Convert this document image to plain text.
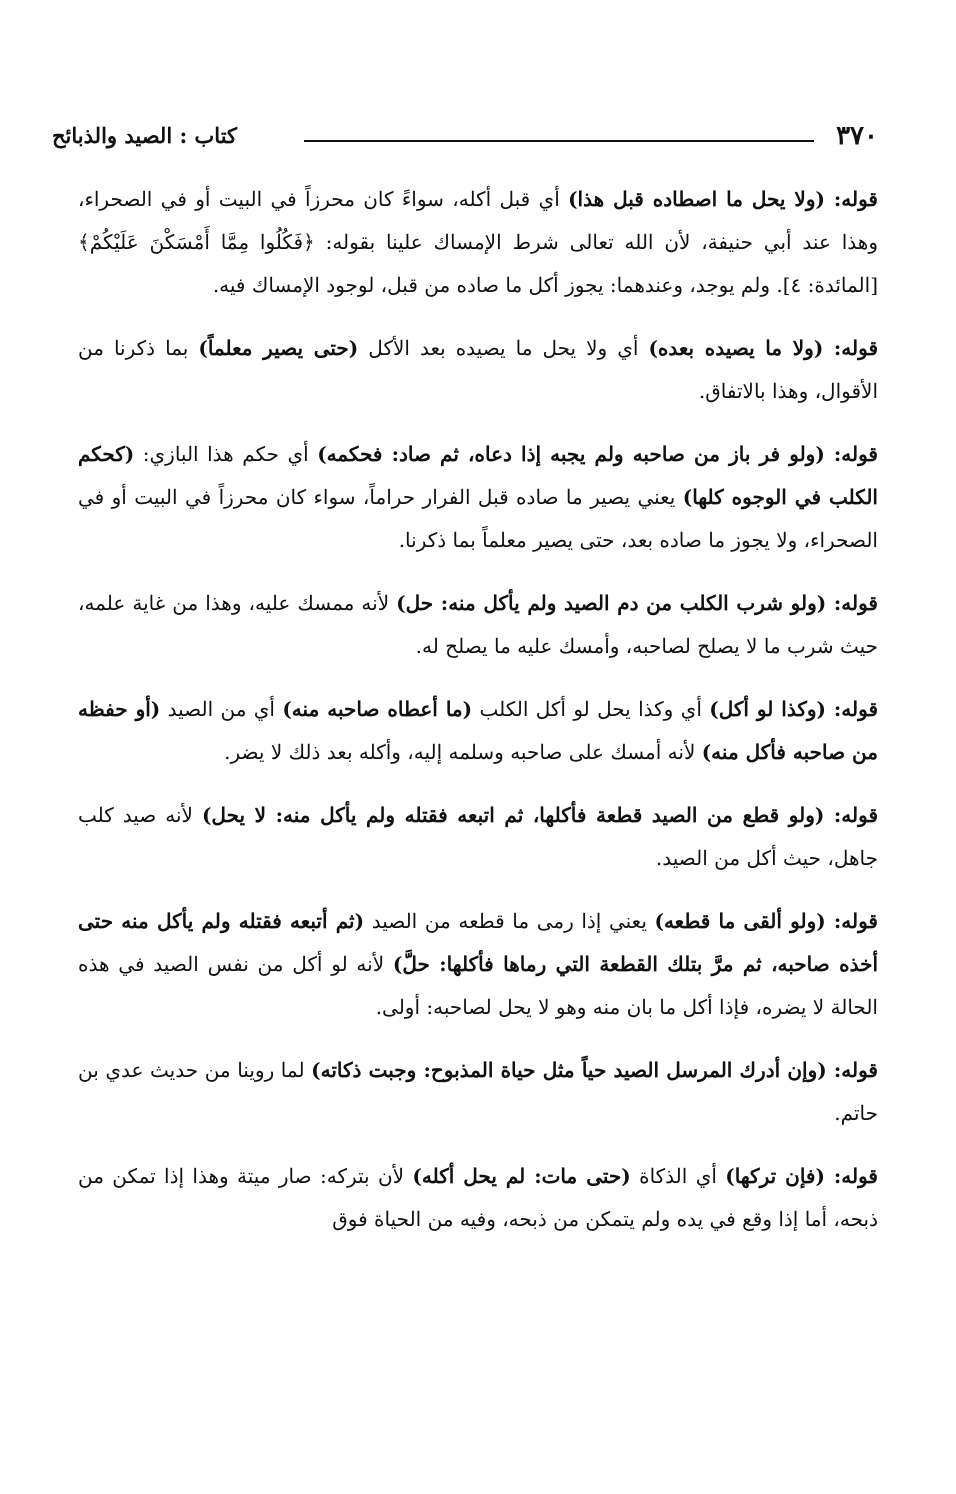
٣٧٠
كتاب : الصيد والذبائح

قوله: (ولا يحل ما اصطاده قبل هذا) أي قبل أكله، سواءً كان محرزاً في البيت أو في الصحراء، وهذا عند أبي حنيفة، لأن الله تعالى شرط الإمساك علينا بقوله: ﴿فَكُلُوا مِمَّا أَمْسَكْنَ عَلَيْكُمْ﴾ [المائدة: ٤]. ولم يوجد، وعندهما: يجوز أكل ما صاده من قبل، لوجود الإمساك فيه.

قوله: (ولا ما يصيده بعده) أي ولا يحل ما يصيده بعد الأكل (حتى يصير معلماً) بما ذكرنا من الأقوال، وهذا بالاتفاق.

قوله: (ولو فر باز من صاحبه ولم يجبه إذا دعاه، ثم صاد: فحكمه) أي حكم هذا البازي: (كحكم الكلب في الوجوه كلها) يعني يصير ما صاده قبل الفرار حراماً، سواء كان محرزاً في البيت أو في الصحراء، ولا يجوز ما صاده بعد، حتى يصير معلماً بما ذكرنا.

قوله: (ولو شرب الكلب من دم الصيد ولم يأكل منه: حل) لأنه ممسك عليه، وهذا من غاية علمه، حيث شرب ما لا يصلح لصاحبه، وأمسك عليه ما يصلح له.

قوله: (وكذا لو أكل) أي وكذا يحل لو أكل الكلب (ما أعطاه صاحبه منه) أي من الصيد (أو حفظه من صاحبه فأكل منه) لأنه أمسك على صاحبه وسلمه إليه، وأكله بعد ذلك لا يضر.

قوله: (ولو قطع من الصيد قطعة فأكلها، ثم اتبعه فقتله ولم يأكل منه: لا يحل) لأنه صيد كلب جاهل، حيث أكل من الصيد.

قوله: (ولو ألقى ما قطعه) يعني إذا رمى ما قطعه من الصيد (ثم أتبعه فقتله ولم يأكل منه حتى أخذه صاحبه، ثم مرَّ بتلك القطعة التي رماها فأكلها: حلَّ) لأنه لو أكل من نفس الصيد في هذه الحالة لا يضره، فإذا أكل ما بان منه وهو لا يحل لصاحبه: أولى.

قوله: (وإن أدرك المرسل الصيد حياً مثل حياة المذبوح: وجبت ذكاته) لما روينا من حديث عدي بن حاتم.

قوله: (فإن تركها) أي الذكاة (حتى مات: لم يحل أكله) لأن بتركه: صار ميتة وهذا إذا تمكن من ذبحه، أما إذا وقع في يده ولم يتمكن من ذبحه، وفيه من الحياة فوق
